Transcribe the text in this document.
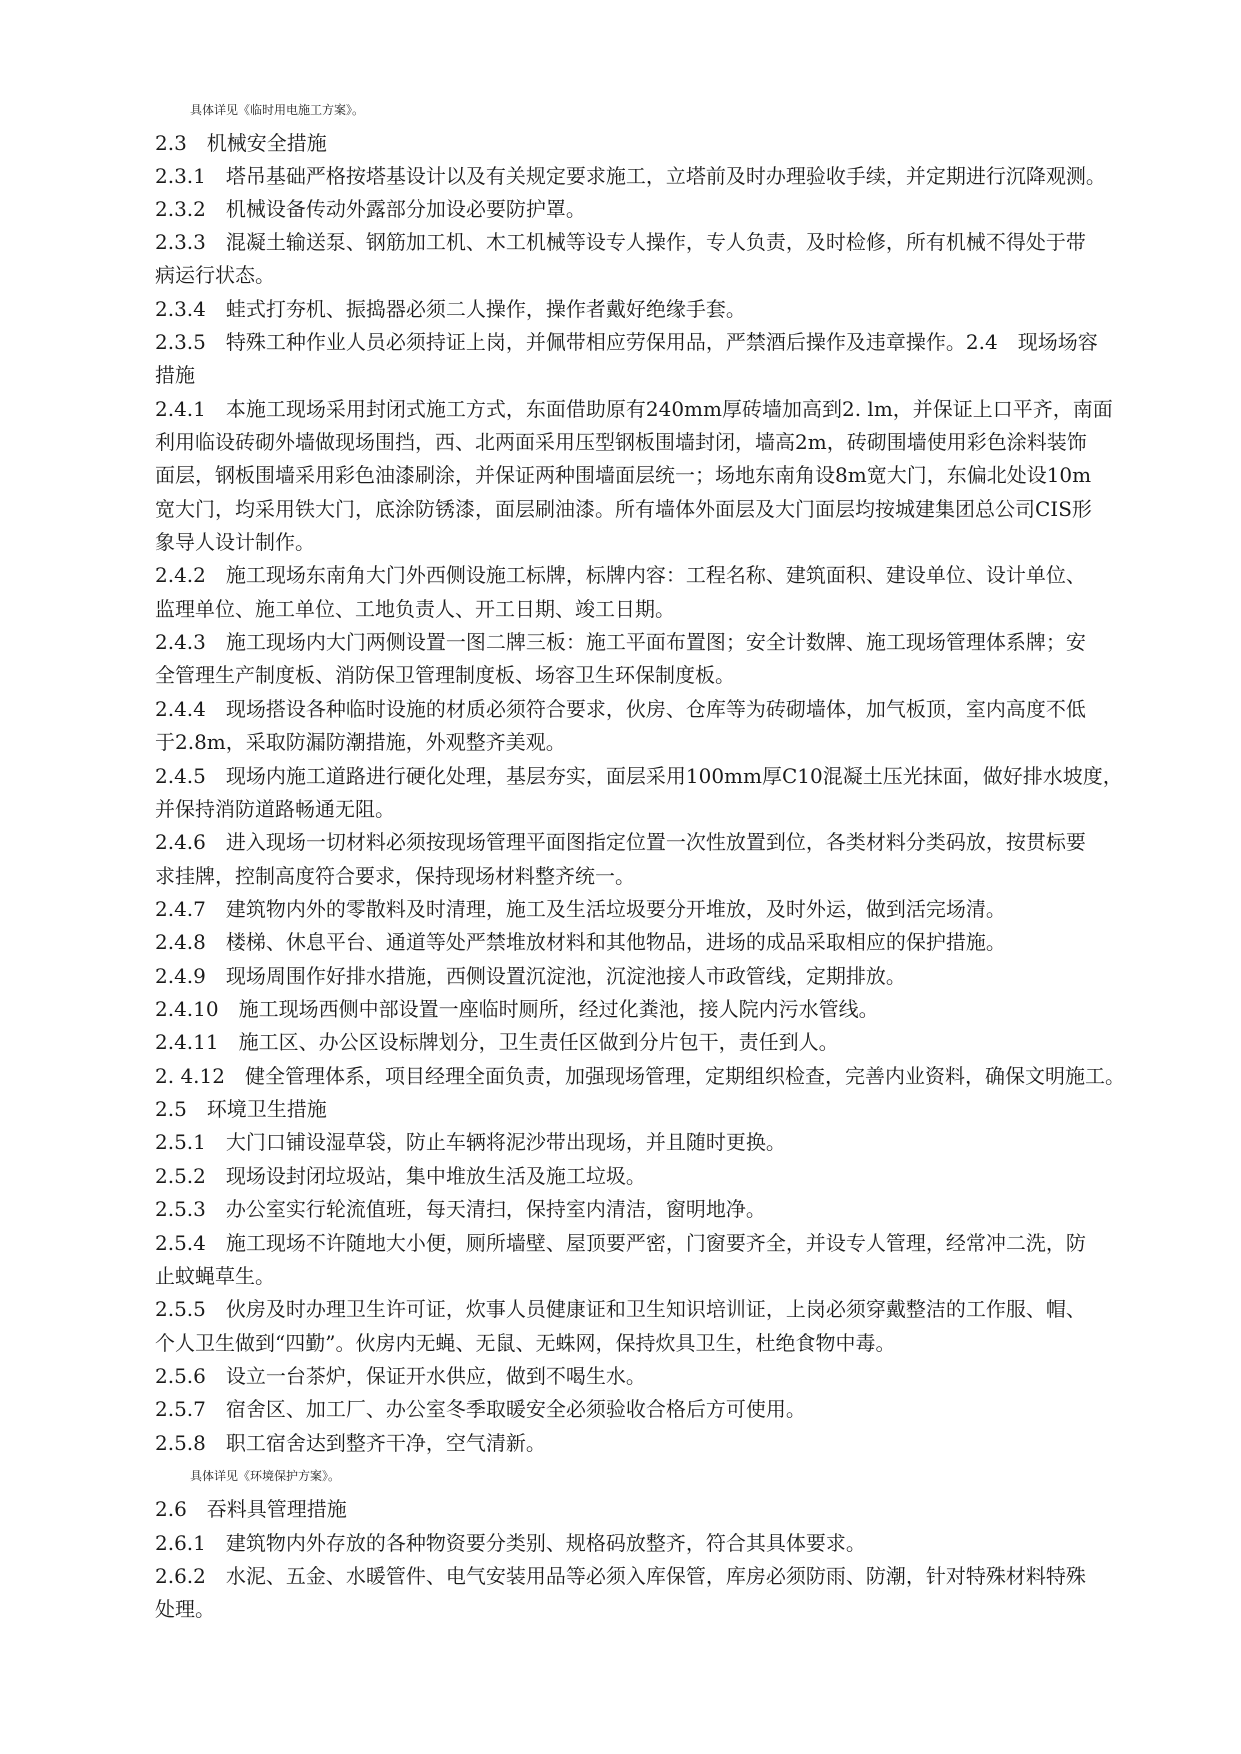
具体详见《临时用电施工方案》。
2.3　机械安全措施
2.3.1　塔吊基础严格按塔基设计以及有关规定要求施工，立塔前及时办理验收手续，并定期进行沉降观测。
2.3.2　机械设备传动外露部分加设必要防护罩。
2.3.3　混凝土输送泵、钢筋加工机、木工机械等设专人操作，专人负责，及时检修，所有机械不得处于带
病运行状态。
2.3.4　蛙式打夯机、振捣器必须二人操作，操作者戴好绝缘手套。
2.3.5　特殊工种作业人员必须持证上岗，并佩带相应劳保用品，严禁酒后操作及违章操作。2.4　现场场容
措施
2.4.1　本施工现场采用封闭式施工方式，东面借助原有240mm厚砖墙加高到2. lm，并保证上口平齐，南面
利用临设砖砌外墙做现场围挡，西、北两面采用压型钢板围墙封闭，墙高2m，砖砌围墙使用彩色涂料装饰
面层，钢板围墙采用彩色油漆刷涂，并保证两种围墙面层统一；场地东南角设8m宽大门，东偏北处设10m
宽大门，均采用铁大门，底涂防锈漆，面层刷油漆。所有墙体外面层及大门面层均按城建集团总公司CIS形
象导人设计制作。
2.4.2　施工现场东南角大门外西侧设施工标牌，标牌内容：工程名称、建筑面积、建设单位、设计单位、
监理单位、施工单位、工地负责人、开工日期、竣工日期。
2.4.3　施工现场内大门两侧设置一图二牌三板：施工平面布置图；安全计数牌、施工现场管理体系牌；安
全管理生产制度板、消防保卫管理制度板、场容卫生环保制度板。
2.4.4　现场搭设各种临时设施的材质必须符合要求，伙房、仓库等为砖砌墙体，加气板顶，室内高度不低
于2.8m，采取防漏防潮措施，外观整齐美观。
2.4.5　现场内施工道路进行硬化处理，基层夯实，面层采用100mm厚C10混凝土压光抹面，做好排水坡度，
并保持消防道路畅通无阻。
2.4.6　进入现场一切材料必须按现场管理平面图指定位置一次性放置到位，各类材料分类码放，按贯标要
求挂牌，控制高度符合要求，保持现场材料整齐统一。
2.4.7　建筑物内外的零散料及时清理，施工及生活垃圾要分开堆放，及时外运，做到活完场清。
2.4.8　楼梯、休息平台、通道等处严禁堆放材料和其他物品，进场的成品采取相应的保护措施。
2.4.9　现场周围作好排水措施，西侧设置沉淀池，沉淀池接人市政管线，定期排放。
2.4.10　施工现场西侧中部设置一座临时厕所，经过化粪池，接人院内污水管线。
2.4.11　施工区、办公区设标牌划分，卫生责任区做到分片包干，责任到人。
2. 4.12　健全管理体系，项目经理全面负责，加强现场管理，定期组织检查，完善内业资料，确保文明施工。
2.5　环境卫生措施
2.5.1　大门口铺设湿草袋，防止车辆将泥沙带出现场，并且随时更换。
2.5.2　现场设封闭垃圾站，集中堆放生活及施工垃圾。
2.5.3　办公室实行轮流值班，每天清扫，保持室内清洁，窗明地净。
2.5.4　施工现场不许随地大小便，厕所墙壁、屋顶要严密，门窗要齐全，并设专人管理，经常冲二洗，防
止蚊蝇草生。
2.5.5　伙房及时办理卫生许可证，炊事人员健康证和卫生知识培训证，上岗必须穿戴整洁的工作服、帽、
个人卫生做到“四勤”。伙房内无蝇、无鼠、无蛛网，保持炊具卫生，杜绝食物中毒。
2.5.6　设立一台茶炉，保证开水供应，做到不喝生水。
2.5.7　宿舍区、加工厂、办公室冬季取暖安全必须验收合格后方可使用。
2.5.8　职工宿舍达到整齐干净，空气清新。
具体详见《环境保护方案》。
2.6　吞料具管理措施
2.6.1　建筑物内外存放的各种物资要分类别、规格码放整齐，符合其具体要求。
2.6.2　水泥、五金、水暖管件、电气安装用品等必须入库保管，库房必须防雨、防潮，针对特殊材料特殊
处理。
